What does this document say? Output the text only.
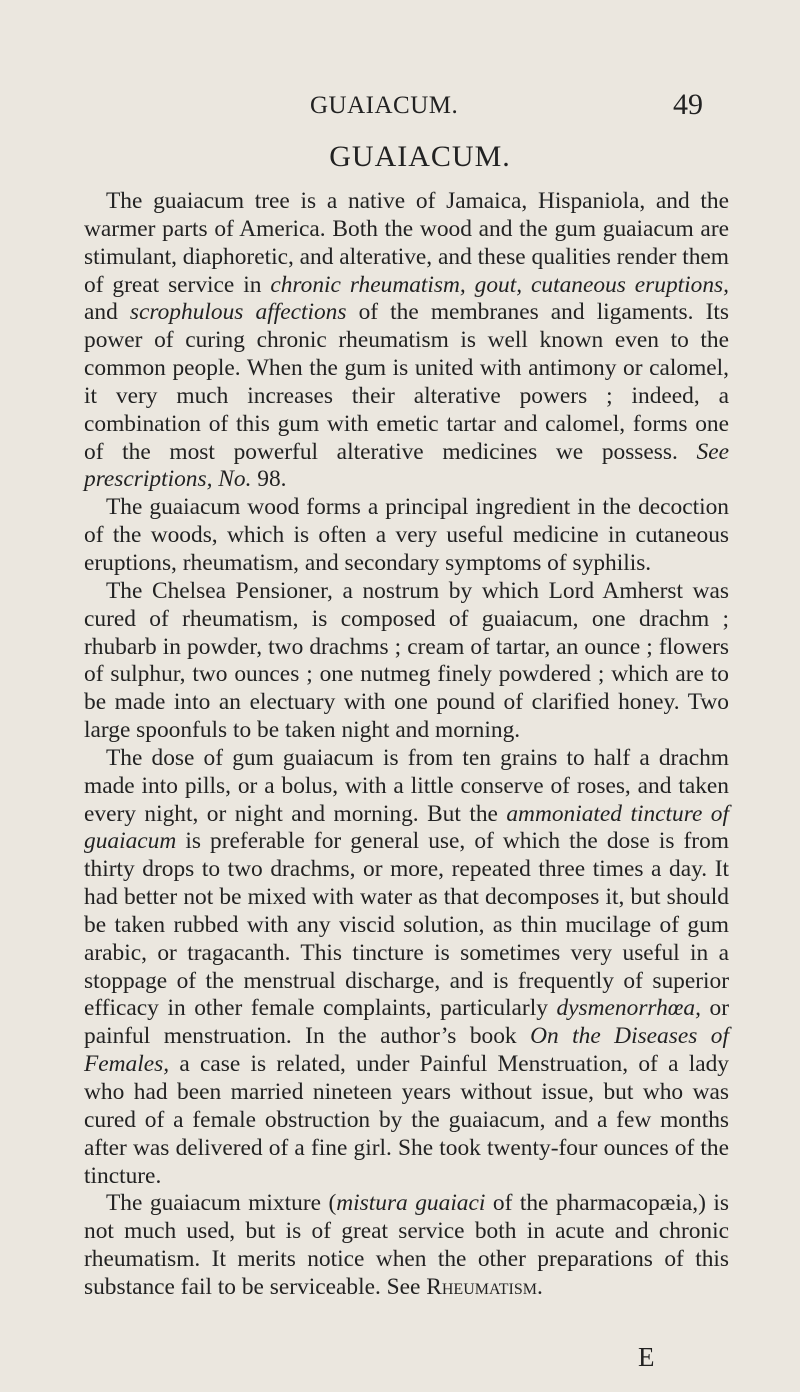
GUAIACUM.	49
GUAIACUM.

The guaiacum tree is a native of Jamaica, Hispaniola, and the warmer parts of America. Both the wood and the gum guaiacum are stimulant, diaphoretic, and alterative, and these qualities render them of great service in chronic rheumatism, gout, cutaneous eruptions, and scrophulous affections of the membranes and ligaments. Its power of curing chronic rheumatism is well known even to the common people. When the gum is united with antimony or calomel, it very much increases their alterative powers ; indeed, a combination of this gum with emetic tartar and calomel, forms one of the most powerful alterative medicines we possess. See prescriptions, No. 98.

The guaiacum wood forms a principal ingredient in the decoction of the woods, which is often a very useful medicine in cutaneous eruptions, rheumatism, and secondary symptoms of syphilis.

The Chelsea Pensioner, a nostrum by which Lord Amherst was cured of rheumatism, is composed of guaiacum, one drachm ; rhubarb in powder, two drachms ; cream of tartar, an ounce ; flowers of sulphur, two ounces ; one nutmeg finely powdered ; which are to be made into an electuary with one pound of clarified honey. Two large spoonfuls to be taken night and morning.

The dose of gum guaiacum is from ten grains to half a drachm made into pills, or a bolus, with a little conserve of roses, and taken every night, or night and morning. But the ammoniated tincture of guaiacum is preferable for general use, of which the dose is from thirty drops to two drachms, or more, repeated three times a day. It had better not be mixed with water as that decomposes it, but should be taken rubbed with any viscid solution, as thin mucilage of gum arabic, or tragacanth. This tincture is sometimes very useful in a stoppage of the menstrual discharge, and is frequently of superior efficacy in other female complaints, particularly dysmenorrhœa, or painful menstruation. In the author’s book On the Diseases of Females, a case is related, under Painful Menstruation, of a lady who had been married nineteen years without issue, but who was cured of a female obstruction by the guaiacum, and a few months after was delivered of a fine girl. She took twenty-four ounces of the tincture.

The guaiacum mixture (mistura guaiaci of the pharmacopæia,) is not much used, but is of great service both in acute and chronic rheumatism. It merits notice when the other preparations of this substance fail to be serviceable. See Rheumatism.

E
